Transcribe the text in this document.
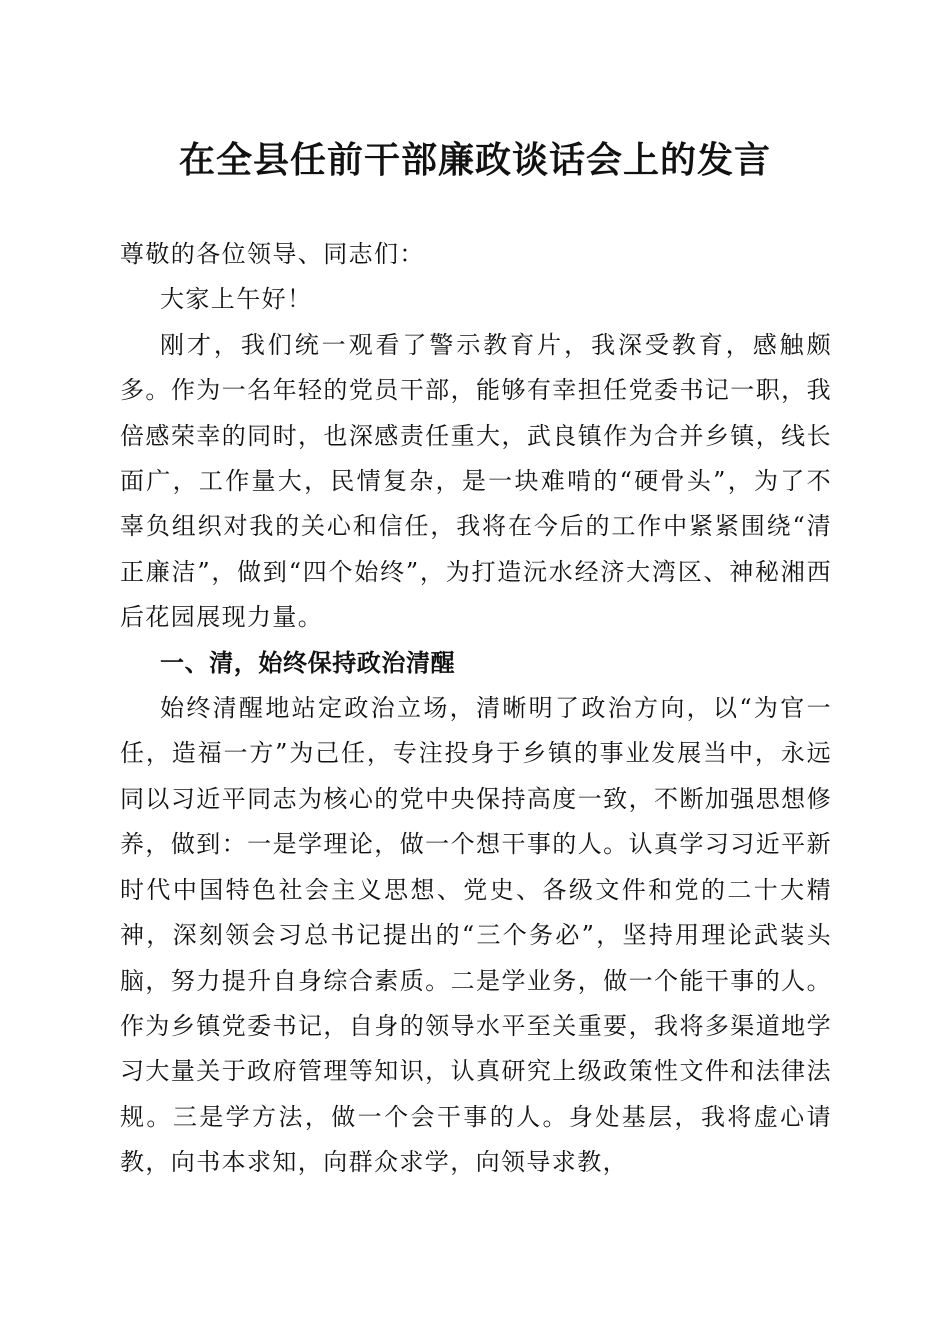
在全县任前干部廉政谈话会上的发言

尊敬的各位领导、同志们：

大家上午好！

刚才，我们统一观看了警示教育片，我深受教育，感触颇多。作为一名年轻的党员干部，能够有幸担任党委书记一职，我倍感荣幸的同时，也深感责任重大，武良镇作为合并乡镇，线长面广，工作量大，民情复杂，是一块难啃的“硬骨头”，为了不辜负组织对我的关心和信任，我将在今后的工作中紧紧围绕“清正廉洁”，做到“四个始终”，为打造沅水经济大湾区、神秘湘西后花园展现力量。

一、清，始终保持政治清醒

始终清醒地站定政治立场，清晰明了政治方向，以“为官一任，造福一方”为己任，专注投身于乡镇的事业发展当中，永远同以习近平同志为核心的党中央保持高度一致，不断加强思想修养，做到：一是学理论，做一个想干事的人。认真学习习近平新时代中国特色社会主义思想、党史、各级文件和党的二十大精神，深刻领会习总书记提出的“三个务必”，坚持用理论武装头脑，努力提升自身综合素质。二是学业务，做一个能干事的人。作为乡镇党委书记，自身的领导水平至关重要，我将多渠道地学习大量关于政府管理等知识，认真研究上级政策性文件和法律法规。三是学方法，做一个会干事的人。身处基层，我将虚心请教，向书本求知，向群众求学，向领导求教，
